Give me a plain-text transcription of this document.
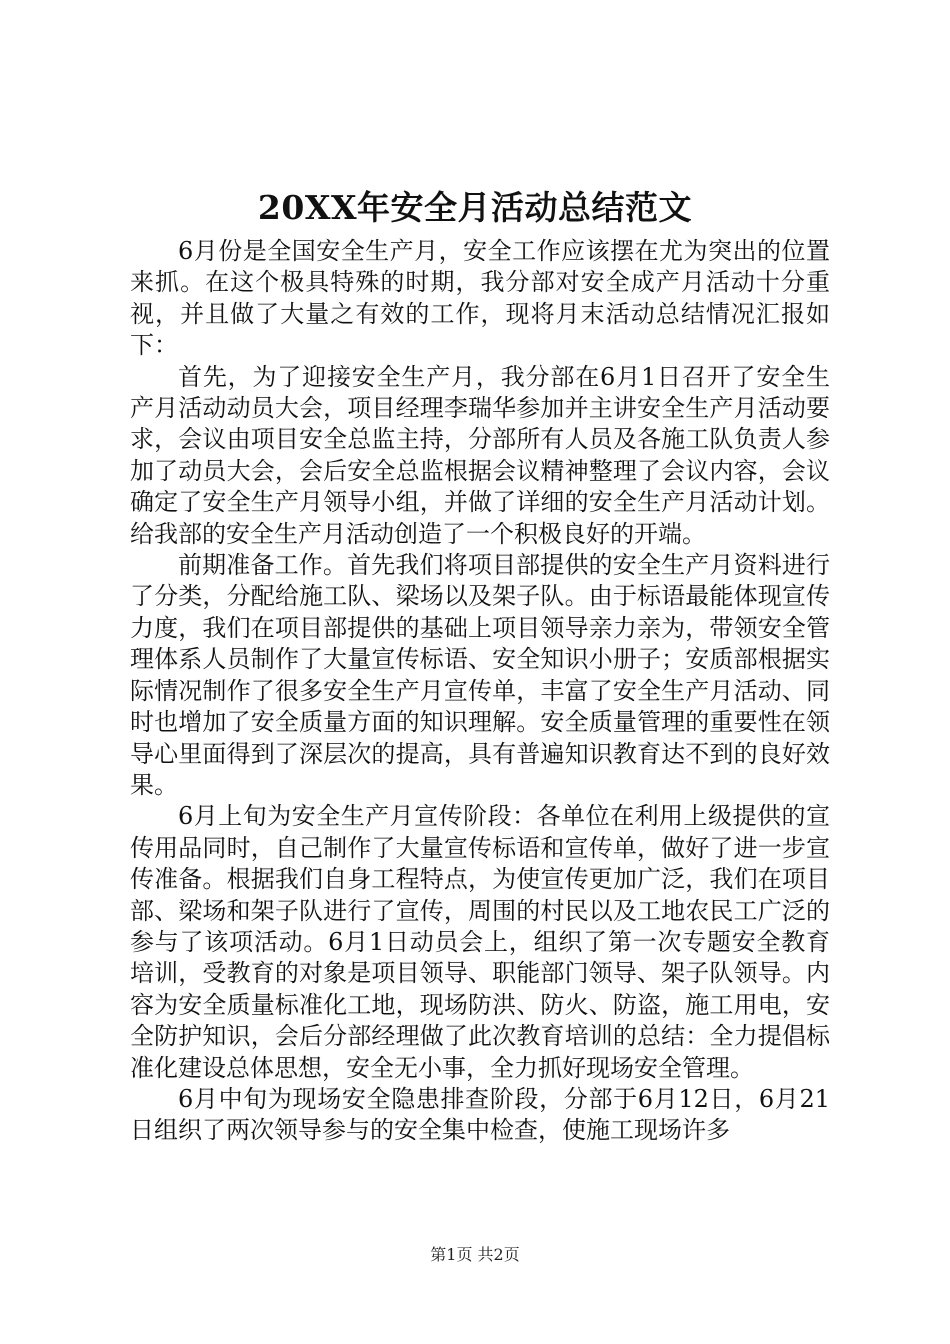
20XX年安全月活动总结范文

6月份是全国安全生产月，安全工作应该摆在尤为突出的位置来抓。在这个极具特殊的时期，我分部对安全成产月活动十分重视，并且做了大量之有效的工作，现将月末活动总结情况汇报如下：

首先，为了迎接安全生产月，我分部在6月1日召开了安全生产月活动动员大会，项目经理李瑞华参加并主讲安全生产月活动要求，会议由项目安全总监主持，分部所有人员及各施工队负责人参加了动员大会，会后安全总监根据会议精神整理了会议内容，会议确定了安全生产月领导小组，并做了详细的安全生产月活动计划。给我部的安全生产月活动创造了一个积极良好的开端。

前期准备工作。首先我们将项目部提供的安全生产月资料进行了分类，分配给施工队、梁场以及架子队。由于标语最能体现宣传力度，我们在项目部提供的基础上项目领导亲力亲为，带领安全管理体系人员制作了大量宣传标语、安全知识小册子；安质部根据实际情况制作了很多安全生产月宣传单，丰富了安全生产月活动、同时也增加了安全质量方面的知识理解。安全质量管理的重要性在领导心里面得到了深层次的提高，具有普遍知识教育达不到的良好效果。

6月上旬为安全生产月宣传阶段：各单位在利用上级提供的宣传用品同时，自己制作了大量宣传标语和宣传单，做好了进一步宣传准备。根据我们自身工程特点，为使宣传更加广泛，我们在项目部、梁场和架子队进行了宣传，周围的村民以及工地农民工广泛的参与了该项活动。6月1日动员会上，组织了第一次专题安全教育培训，受教育的对象是项目领导、职能部门领导、架子队领导。内容为安全质量标准化工地，现场防洪、防火、防盗，施工用电，安全防护知识，会后分部经理做了此次教育培训的总结：全力提倡标准化建设总体思想，安全无小事，全力抓好现场安全管理。

6月中旬为现场安全隐患排查阶段，分部于6月12日，6月21日组织了两次领导参与的安全集中检查，使施工现场许多

第1页 共2页
